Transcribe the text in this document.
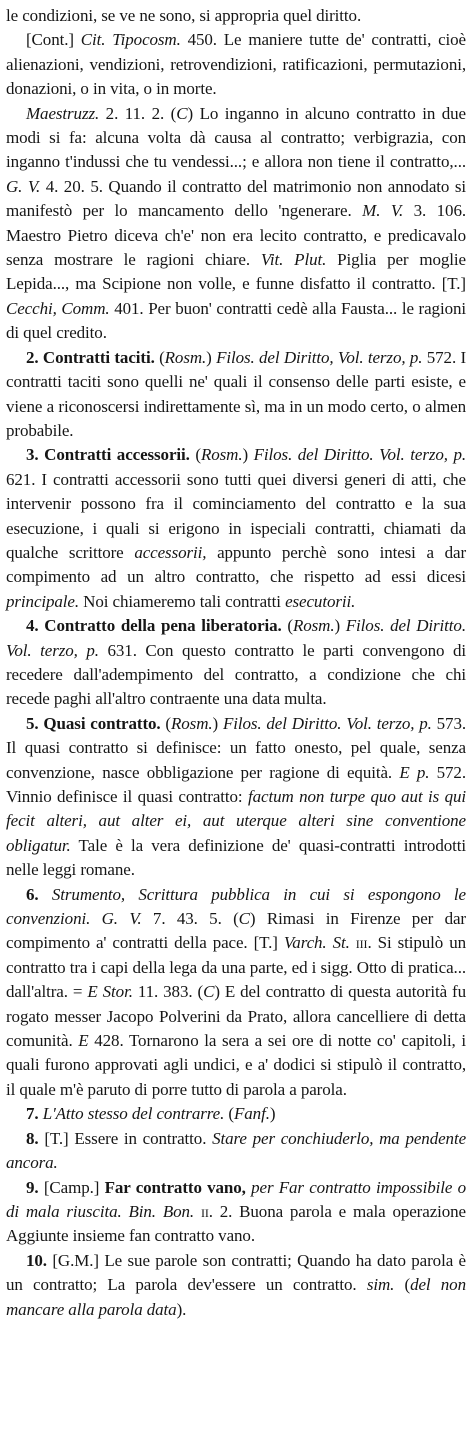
le condizioni, se ve ne sono, si appropria quel diritto.

[Cont.] Cit. Tipocosm. 450. Le maniere tutte de' contratti, cioè alienazioni, vendizioni, retrovendizioni, ratificazioni, permutazioni, donazioni, o in vita, o in morte.

Maestruzz. 2. 11. 2. (C) Lo inganno in alcuno contratto in due modi si fa: alcuna volta dà causa al contratto; verbigrazia, con inganno t'indussi che tu vendessi...; e allora non tiene il contratto,... G. V. 4. 20. 5. Quando il contratto del matrimonio non annodato si manifestò per lo mancamento dello 'ngenerare. M. V. 3. 106. Maestro Pietro diceva ch'e' non era lecito contratto, e predicavalo senza mostrare le ragioni chiare. Vit. Plut. Piglia per moglie Lepida..., ma Scipione non volle, e funne disfatto il contratto. [T.] Cecchi, Comm. 401. Per buon' contratti cedè alla Fausta... le ragioni di quel credito.

2. Contratti taciti. (Rosm.) Filos. del Diritto, Vol. terzo, p. 572. I contratti taciti sono quelli ne' quali il consenso delle parti esiste, e viene a riconoscersi indirettamente sì, ma in un modo certo, o almen probabile.

3. Contratti accessorii. (Rosm.) Filos. del Diritto. Vol. terzo, p. 621. I contratti accessorii sono tutti quei diversi generi di atti, che intervenir possono fra il cominciamento del contratto e la sua esecuzione, i quali si erigono in ispeciali contratti, chiamati da qualche scrittore accessorii, appunto perchè sono intesi a dar compimento ad un altro contratto, che rispetto ad essi dicesi principale. Noi chiameremo tali contratti esecutorii.

4. Contratto della pena liberatoria. (Rosm.) Filos. del Diritto. Vol. terzo, p. 631. Con questo contratto le parti convengono di recedere dall'adempimento del contratto, a condizione che chi recede paghi all'altro contraente una data multa.

5. Quasi contratto. (Rosm.) Filos. del Diritto. Vol. terzo, p. 573. Il quasi contratto si definisce: un fatto onesto, pel quale, senza convenzione, nasce obbligazione per ragione di equità. E p. 572. Vinnio definisce il quasi contratto: factum non turpe quo aut is qui fecit alteri, aut alter ei, aut uterque alteri sine conventione obligatur. Tale è la vera definizione de' quasi-contratti introdotti nelle leggi romane.

6. Strumento, Scrittura pubblica in cui si espongono le convenzioni. G. V. 7. 43. 5. (C) Rimasi in Firenze per dar compimento a' contratti della pace. [T.] Varch. St. iii. Si stipulò un contratto tra i capi della lega da una parte, ed i sigg. Otto di pratica... dall'altra. = E Stor. 11. 383. (C) E del contratto di questa autorità fu rogato messer Jacopo Polverini da Prato, allora cancelliere di detta comunità. E 428. Tornarono la sera a sei ore di notte co' capitoli, i quali furono approvati agli undici, e a' dodici si stipulò il contratto, il quale m'è paruto di porre tutto di parola a parola.

7. L'Atto stesso del contrarre. (Fanf.)

8. [T.] Essere in contratto. Stare per conchiuderlo, ma pendente ancora.

9. [Camp.] Far contratto vano, per Far contratto impossibile o di mala riuscita. Bin. Bon. ii. 2. Buona parola e mala operazione Aggiunte insieme fan contratto vano.

10. [G.M.] Le sue parole son contratti; Quando ha dato parola è un contratto; La parola dev'essere un contratto. sim. (del non mancare alla parola data).
